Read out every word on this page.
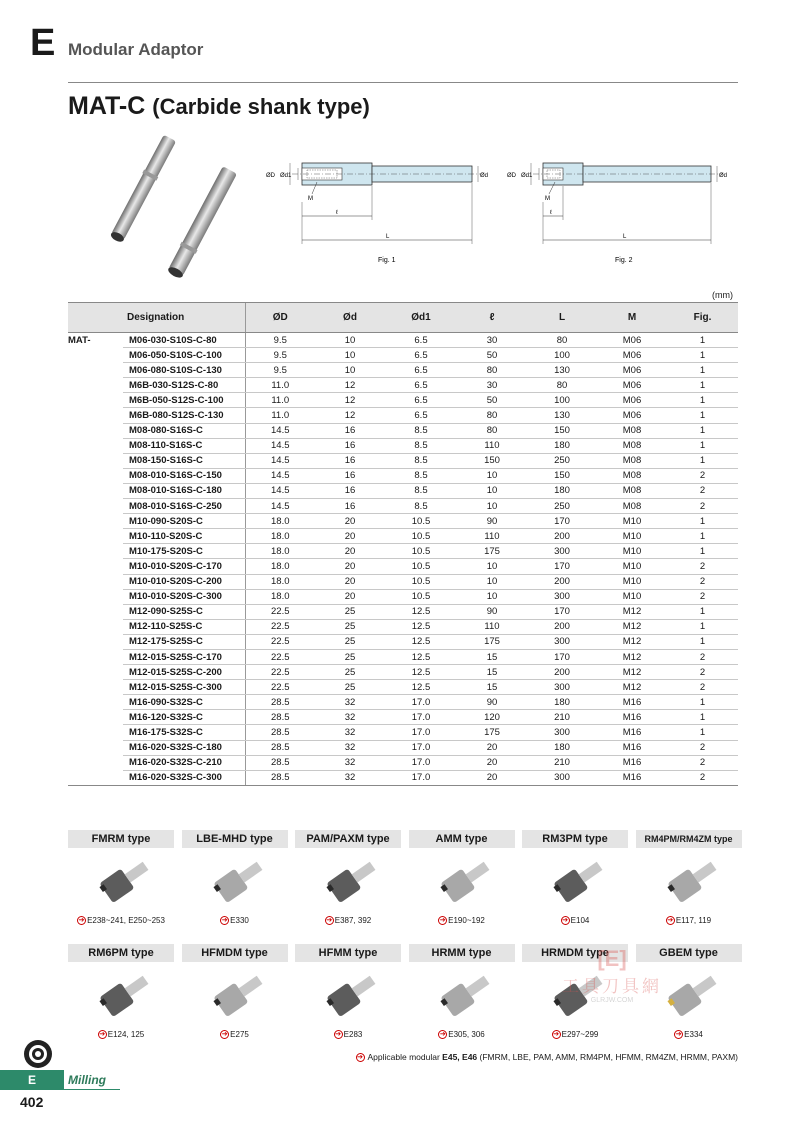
E Modular Adaptor
MAT-C (Carbide shank type)
ØD Ød1	Ød
M
ℓ
L
Fig. 1
ØD Ød1	Ød
M
ℓ
L
Fig. 2
(mm)
	Designation	ØD	Ød	Ød1	ℓ	L	M	Fig.
MAT-	M06-030-S10S-C-80	9.5	10	6.5	30	80	M06	1
	M06-050-S10S-C-100	9.5	10	6.5	50	100	M06	1
	M06-080-S10S-C-130	9.5	10	6.5	80	130	M06	1
	M6B-030-S12S-C-80	11.0	12	6.5	30	80	M06	1
	M6B-050-S12S-C-100	11.0	12	6.5	50	100	M06	1
	M6B-080-S12S-C-130	11.0	12	6.5	80	130	M06	1
	M08-080-S16S-C	14.5	16	8.5	80	150	M08	1
	M08-110-S16S-C	14.5	16	8.5	110	180	M08	1
	M08-150-S16S-C	14.5	16	8.5	150	250	M08	1
	M08-010-S16S-C-150	14.5	16	8.5	10	150	M08	2
	M08-010-S16S-C-180	14.5	16	8.5	10	180	M08	2
	M08-010-S16S-C-250	14.5	16	8.5	10	250	M08	2
	M10-090-S20S-C	18.0	20	10.5	90	170	M10	1
	M10-110-S20S-C	18.0	20	10.5	110	200	M10	1
	M10-175-S20S-C	18.0	20	10.5	175	300	M10	1
	M10-010-S20S-C-170	18.0	20	10.5	10	170	M10	2
	M10-010-S20S-C-200	18.0	20	10.5	10	200	M10	2
	M10-010-S20S-C-300	18.0	20	10.5	10	300	M10	2
	M12-090-S25S-C	22.5	25	12.5	90	170	M12	1
	M12-110-S25S-C	22.5	25	12.5	110	200	M12	1
	M12-175-S25S-C	22.5	25	12.5	175	300	M12	1
	M12-015-S25S-C-170	22.5	25	12.5	15	170	M12	2
	M12-015-S25S-C-200	22.5	25	12.5	15	200	M12	2
	M12-015-S25S-C-300	22.5	25	12.5	15	300	M12	2
	M16-090-S32S-C	28.5	32	17.0	90	180	M16	1
	M16-120-S32S-C	28.5	32	17.0	120	210	M16	1
	M16-175-S32S-C	28.5	32	17.0	175	300	M16	1
	M16-020-S32S-C-180	28.5	32	17.0	20	180	M16	2
	M16-020-S32S-C-210	28.5	32	17.0	20	210	M16	2
	M16-020-S32S-C-300	28.5	32	17.0	20	300	M16	2
FMRM type
➔ E238~241, E250~253
LBE-MHD type
➔ E330
PAM/PAXM type
➔ E387, 392
AMM type
➔ E190~192
RM3PM type
➔ E104
RM4PM/RM4ZM type
➔ E117, 119
RM6PM type
➔ E124, 125
HFMDM type
➔ E275
HFMM type
➔ E283
HRMM type
➔ E305, 306
HRMDM type
➔ E297~299
GBEM type
➔ E334
➔ Applicable modular E45, E46 (FMRM, LBE, PAM, AMM, RM4PM, HFMM, RM4ZM, HRMM, PAXM)
[E]
工具刀具網
GLRJW.COM
E	Milling
402
